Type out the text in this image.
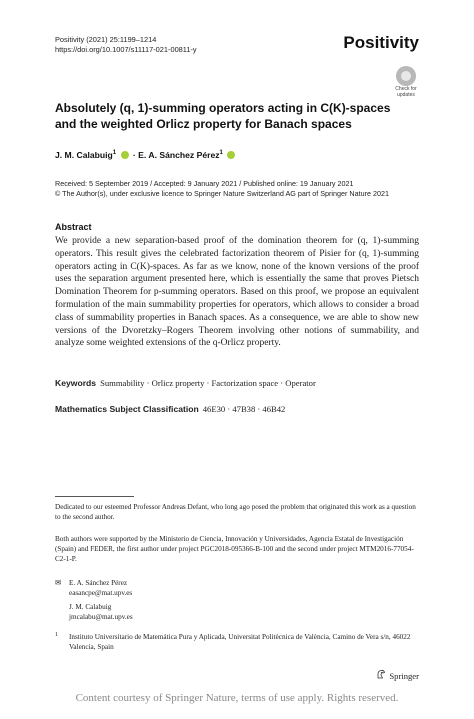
Positivity (2021) 25:1199–1214
https://doi.org/10.1007/s11117-021-00811-y	Positivity
Check for updates
Absolutely (q, 1)-summing operators acting in C(K)-spaces and the weighted Orlicz property for Banach spaces
J. M. Calabuig$^1$ · E. A. Sánchez Pérez$^1$
Received: 5 September 2019 / Accepted: 9 January 2021 / Published online: 19 January 2021
© The Author(s), under exclusive licence to Springer Nature Switzerland AG part of Springer Nature 2021
Abstract
We provide a new separation-based proof of the domination theorem for (q, 1)-summing operators. This result gives the celebrated factorization theorem of Pisier for (q, 1)-summing operators acting in C(K)-spaces. As far as we know, none of the known versions of the proof uses the separation argument presented here, which is essentially the same that proves Pietsch Domination Theorem for p-summing operators. Based on this proof, we propose an equivalent formulation of the main summability properties for operators, which allows to consider a broad class of summability properties in Banach spaces. As a consequence, we are able to show new versions of the Dvoretzky–Rogers Theorem involving other notions of summability, and analyze some weighted extensions of the q-Orlicz property.
Keywords Summability · Orlicz property · Factorization space · Operator
Mathematics Subject Classification 46E30 · 47B38 · 46B42
Dedicated to our esteemed Professor Andreas Defant, who long ago posed the problem that originated this work as a question to the second author.
Both authors were supported by the Ministerio de Ciencia, Innovación y Universidades, Agencia Estatal de Investigación (Spain) and FEDER, the first author under project PGC2018-095366-B-100 and the second under project MTM2016-77054-C2-1-P.
✉ E. A. Sánchez Pérez
easancpe@mat.upv.es
J. M. Calabuig
jmcalabu@mat.upv.es
1	Instituto Universitario de Matemática Pura y Aplicada, Universitat Politècnica de València, Camino de Vera s/n, 46022 Valencia, Spain
Springer
Content courtesy of Springer Nature, terms of use apply. Rights reserved.
